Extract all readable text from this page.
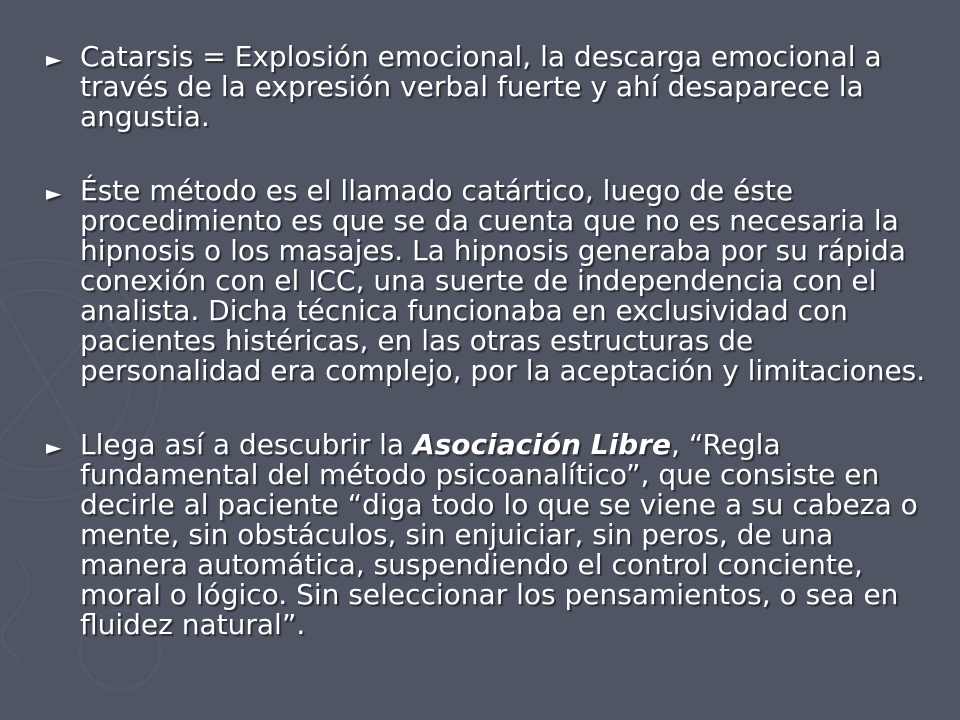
► Catarsis = Explosión emocional, la descarga emocional a través de la expresión verbal fuerte y ahí desaparece la angustia.
► Éste método es el llamado catártico, luego de éste procedimiento es que se da cuenta que no es necesaria la hipnosis o los masajes. La hipnosis generaba por su rápida conexión con el ICC, una suerte de independencia con el analista. Dicha técnica funcionaba en exclusividad con pacientes histéricas, en las otras estructuras de personalidad era complejo, por la aceptación y limitaciones.
► Llega así a descubrir la Asociación Libre, “Regla fundamental del método psicoanalítico”, que consiste en decirle al paciente “diga todo lo que se viene a su cabeza o mente, sin obstáculos, sin enjuiciar, sin peros, de una manera automática, suspendiendo el control conciente, moral o lógico. Sin seleccionar los pensamientos, o sea en fluidez natural”.
